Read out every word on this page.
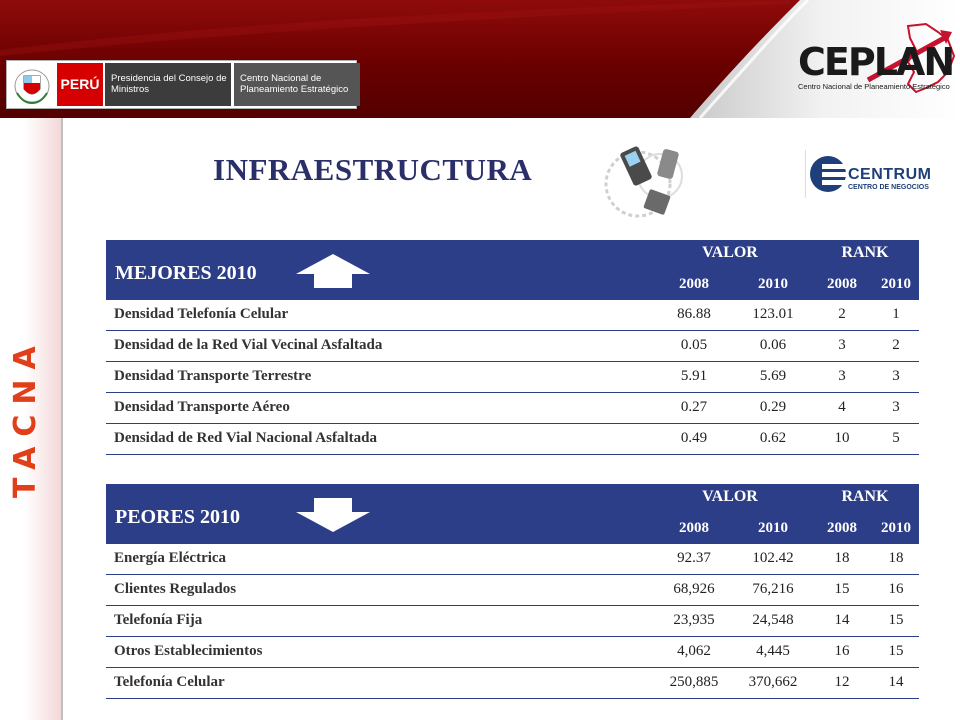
PERÚ	Presidencia del Consejo de Ministros
Centro Nacional de Planeamiento Estratégico
CEPLAN
Centro Nacional de Planeamiento Estratégico
TACNA
INFRAESTRUCTURA	CENTRUM
CENTRO DE NEGOCIOS
MEJORES 2010
VALOR	RANK
2008	2010	2008	2010
Densidad Telefonía Celular	86.88	123.01	2	1
Densidad de la Red Vial Vecinal Asfaltada	0.05	0.06	3	2
Densidad Transporte Terrestre	5.91	5.69	3	3
Densidad Transporte Aéreo	0.27	0.29	4	3
Densidad de Red Vial Nacional Asfaltada	0.49	0.62	10	5
PEORES 2010
VALOR	RANK
2008	2010	2008	2010
Energía Eléctrica	92.37	102.42	18	18
Clientes Regulados	68,926	76,216	15	16
Telefonía Fija	23,935	24,548	14	15
Otros Establecimientos	4,062	4,445	16	15
Telefonía Celular	250,885	370,662	12	14
